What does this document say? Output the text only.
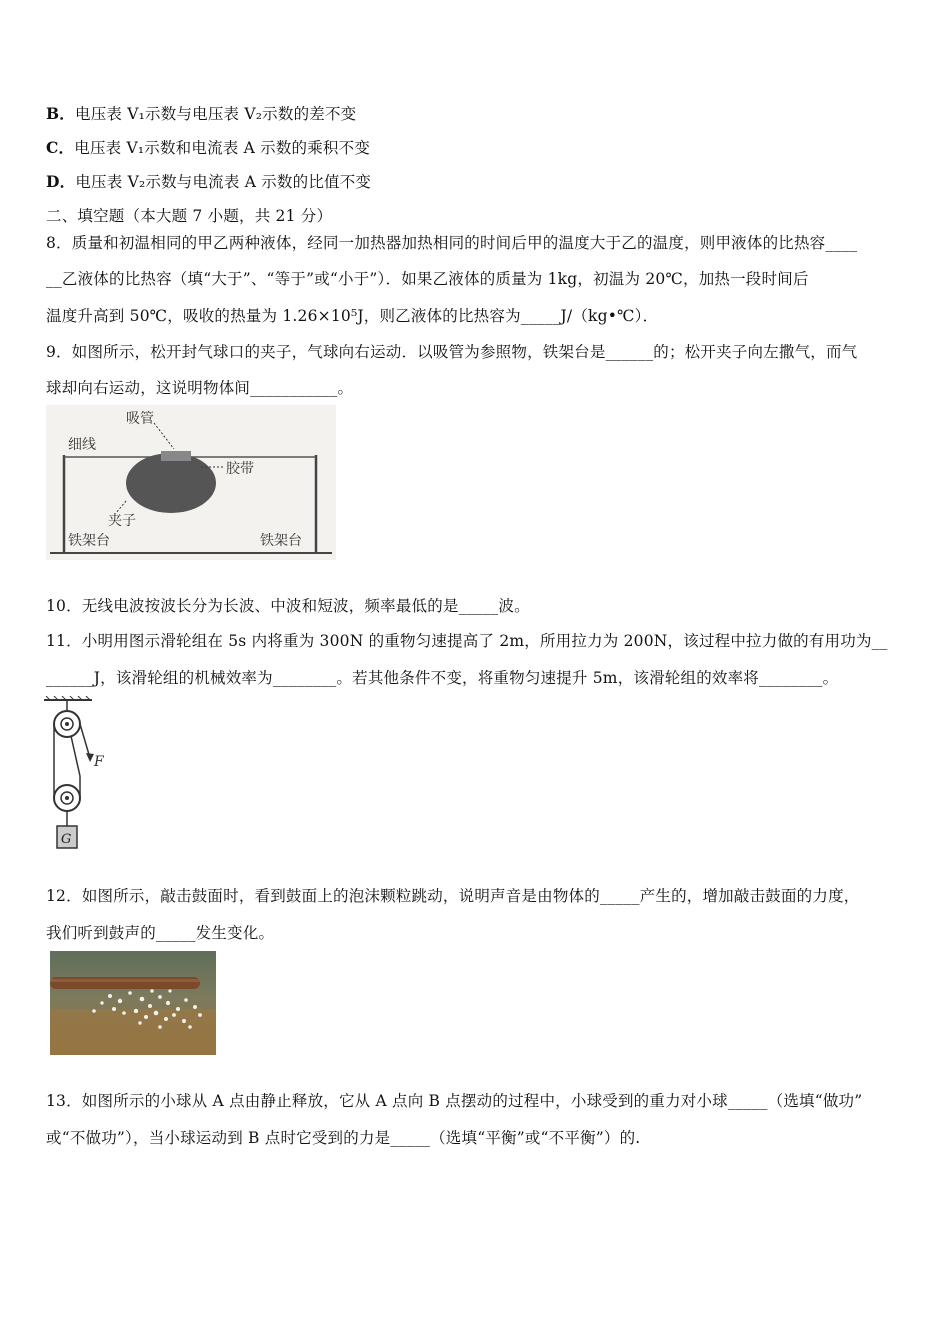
B．电压表 V₁示数与电压表 V₂示数的差不变
C．电压表 V₁示数和电流表 A 示数的乘积不变
D．电压表 V₂示数与电流表 A 示数的比值不变
二、填空题（本大题 7 小题，共 21 分）
8．质量和初温相同的甲乙两种液体，经同一加热器加热相同的时间后甲的温度大于乙的温度，则甲液体的比热容____
__乙液体的比热容（填“大于”、“等于”或“小于”）．如果乙液体的质量为 1kg，初温为 20℃，加热一段时间后
温度升高到 50℃，吸收的热量为 1.26×10⁵J，则乙液体的比热容为_____J/（kg•℃）．
9．如图所示，松开封气球口的夹子，气球向右运动．以吸管为参照物，铁架台是______的；松开夹子向左撒气，而气
球却向右运动，这说明物体间___________。
吸管
细线
胶带
夹子
铁架台	铁架台
10．无线电波按波长分为长波、中波和短波，频率最低的是_____波。
11．小明用图示滑轮组在 5s 内将重为 300N 的重物匀速提高了 2m，所用拉力为 200N，该过程中拉力做的有用功为__
______J，该滑轮组的机械效率为________。若其他条件不变，将重物匀速提升 5m，该滑轮组的效率将________。
F
G
12．如图所示，敲击鼓面时，看到鼓面上的泡沫颗粒跳动，说明声音是由物体的_____产生的，增加敲击鼓面的力度，
我们听到鼓声的_____发生变化。
13．如图所示的小球从 A 点由静止释放，它从 A 点向 B 点摆动的过程中，小球受到的重力对小球_____（选填“做功”
或“不做功”），当小球运动到 B 点时它受到的力是_____（选填“平衡”或“不平衡”）的.
